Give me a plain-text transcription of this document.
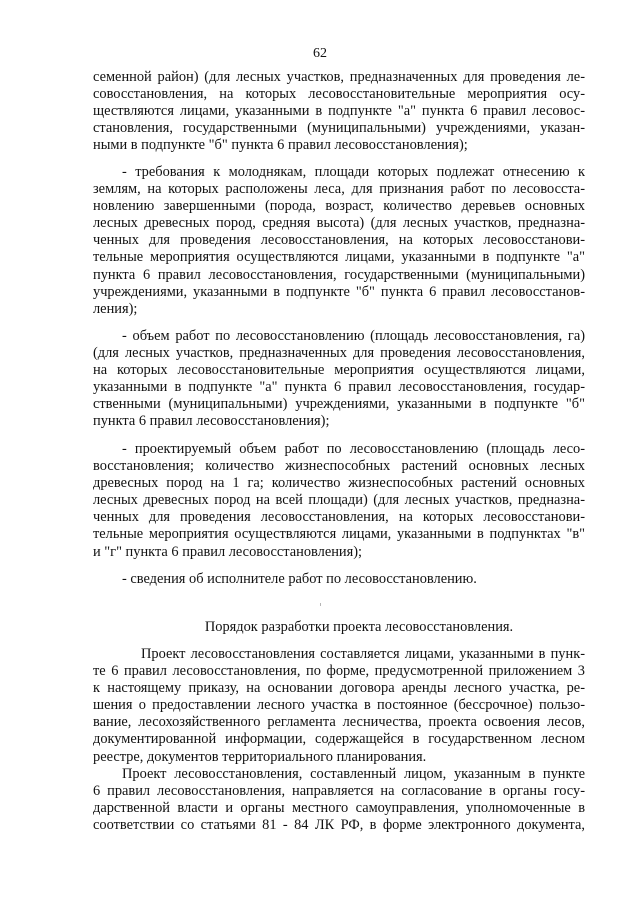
62
семенной район) (для лесных участков, предназначенных для проведения ле-
совосстановления, на которых лесовосстановительные мероприятия осу-
ществляются лицами, указанными в подпункте "а" пункта 6 правил лесовос-
становления, государственными (муниципальными) учреждениями, указан-
ными в подпункте "б" пункта 6 правил лесовосстановления);
- требования к молоднякам, площади которых подлежат отнесению к
землям, на которых расположены леса, для признания работ по лесовосста-
новлению завершенными (порода, возраст, количество деревьев основных
лесных древесных пород, средняя высота) (для лесных участков, предназна-
ченных для проведения лесовосстановления, на которых лесовосстанови-
тельные мероприятия осуществляются лицами, указанными в подпункте "а"
пункта 6 правил лесовосстановления, государственными (муниципальными)
учреждениями, указанными в подпункте "б" пункта 6 правил лесовосстанов-
ления);
- объем работ по лесовосстановлению (площадь лесовосстановления, га)
(для лесных участков, предназначенных для проведения лесовосстановления,
на которых лесовосстановительные мероприятия осуществляются лицами,
указанными в подпункте "а" пункта 6 правил лесовосстановления, государ-
ственными (муниципальными) учреждениями, указанными в подпункте "б"
пункта 6 правил лесовосстановления);
- проектируемый объем работ по лесовосстановлению (площадь лесо-
восстановления; количество жизнеспособных растений основных лесных
древесных пород на 1 га; количество жизнеспособных растений основных
лесных древесных пород на всей площади) (для лесных участков, предназна-
ченных для проведения лесовосстановления, на которых лесовосстанови-
тельные мероприятия осуществляются лицами, указанными в подпунктах "в"
и "г" пункта 6 правил лесовосстановления);
- сведения об исполнителе работ по лесовосстановлению.
Порядок разработки проекта лесовосстановления.
Проект лесовосстановления составляется лицами, указанными в пунк-
те 6 правил лесовосстановления, по форме, предусмотренной приложением 3
к настоящему приказу, на основании договора аренды лесного участка, ре-
шения о предоставлении лесного участка в постоянное (бессрочное) пользо-
вание, лесохозяйственного регламента лесничества, проекта освоения лесов,
документированной информации, содержащейся в государственном лесном
реестре, документов территориального планирования.
Проект лесовосстановления, составленный лицом, указанным в пункте
6 правил лесовосстановления, направляется на согласование в органы госу-
дарственной власти и органы местного самоуправления, уполномоченные в
соответствии со статьями 81 - 84 ЛК РФ, в форме электронного документа,
